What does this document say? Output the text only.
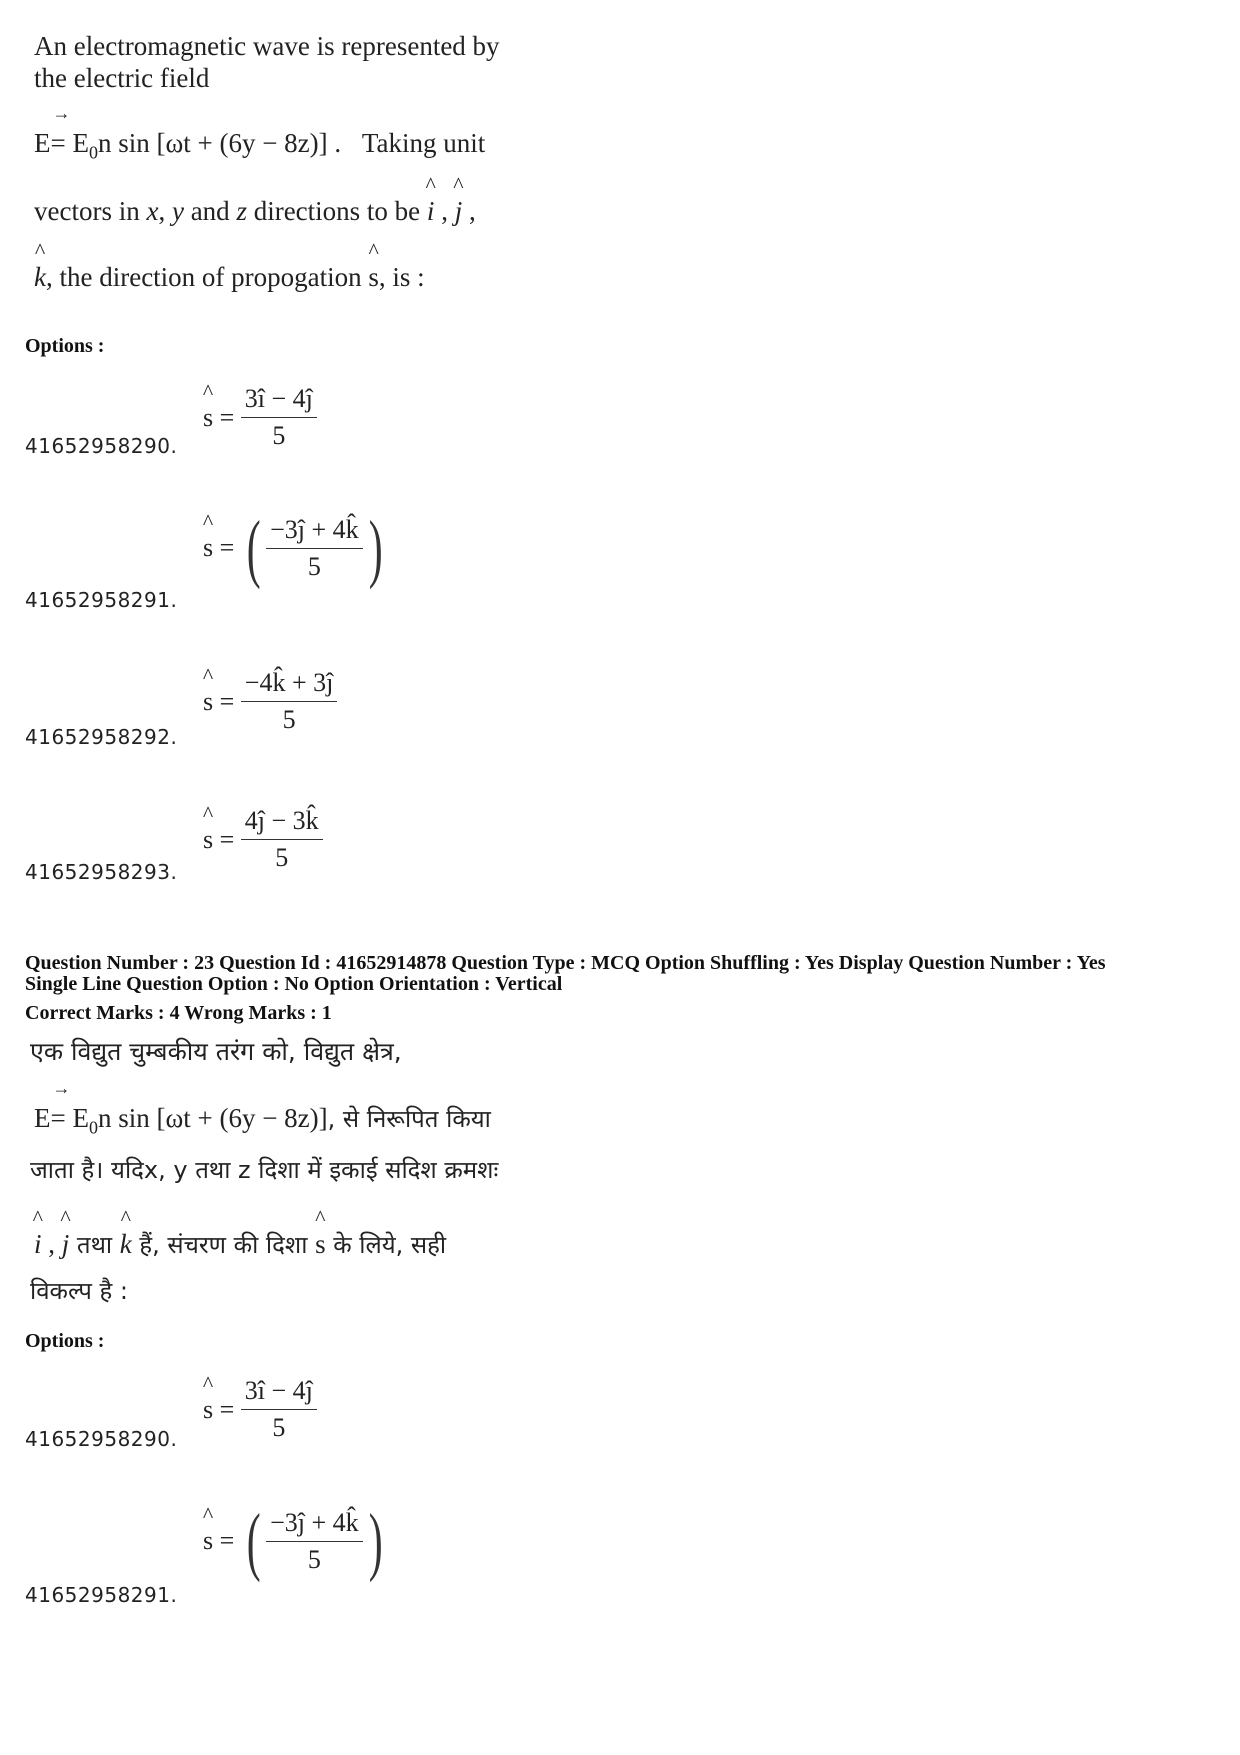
An electromagnetic wave is represented by
the electric field
→ $E= E_0n$ sin [ωt + (6y − 8z)] . Taking unit
vectors in x, y and z directions to be ^ i , ^ j ,
^ k, the direction of propogation ^ s, is :
Options :
41652958290.
^ s
=
$\frac{3î - 4ĵ}{5}$
41652958291.
^ s
=
( $\frac{-3ĵ + 4k̂}{5}$ )
41652958292.
^ s
=
$\frac{-4k̂ + 3ĵ}{5}$
41652958293.
^ s
=
$\frac{4ĵ - 3k̂}{5}$
Question Number : 23 Question Id : 41652914878 Question Type : MCQ Option Shuffling : Yes Display Question Number : Yes
Single Line Question Option : No Option Orientation : Vertical
Correct Marks : 4 Wrong Marks : 1
एक विद्युत चुम्बकीय तरंग को, विद्युत क्षेत्र,
→ $E= E_0n$ sin [ωt + (6y − 8z)], से निरूपित किया
जाता है। यदिx, y तथा z दिशा में इकाई सदिश क्रमशः
^ i , ^ j तथा ^ k हैं, संचरण की दिशा ^ s के लिये, सही
विकल्प है :
Options :
41652958290.
^ s
=
$\frac{3î - 4ĵ}{5}$
41652958291.
^ s
=
( $\frac{-3ĵ + 4k̂}{5}$ )
